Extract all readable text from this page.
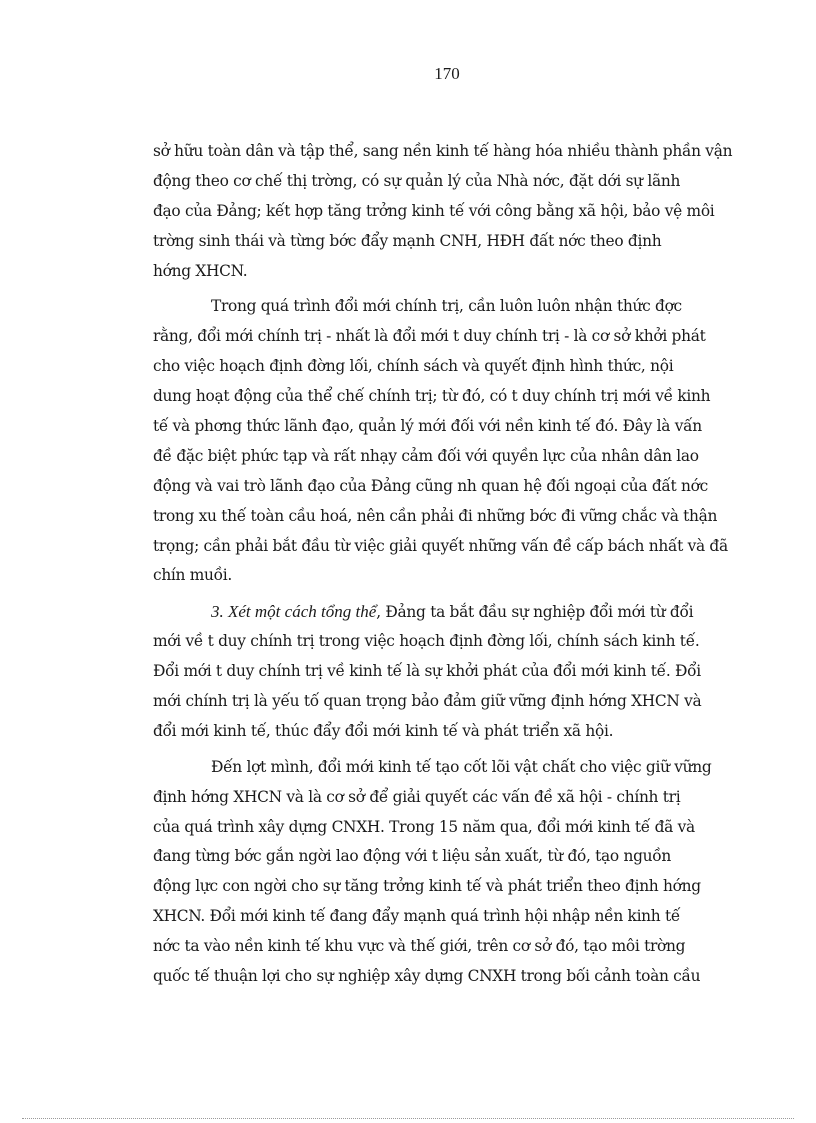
170

sở hữu toàn dân và tập thể, sang nền kinh tế hàng hóa nhiều thành phần vận
động theo cơ chế thị trờng, có sự quản lý của Nhà nớc, đặt dới sự lãnh
đạo của Đảng; kết hợp tăng trởng kinh tế với công bằng xã hội, bảo vệ môi
trờng sinh thái và từng bớc đẩy mạnh CNH, HĐH đất nớc theo định
hớng XHCN.

Trong quá trình đổi mới chính trị, cần luôn luôn nhận thức đợc
rằng, đổi mới chính trị - nhất là đổi mới t duy chính trị - là cơ sở khởi phát
cho việc hoạch định đờng lối, chính sách và quyết định hình thức, nội
dung hoạt động của thể chế chính trị; từ đó, có t duy chính trị mới về kinh
tế và phơng thức lãnh đạo, quản lý mới đối với nền kinh tế đó. Đây là vấn
đề đặc biệt phức tạp và rất nhạy cảm đối với quyền lực của nhân dân lao
động và vai trò lãnh đạo của Đảng cũng nh quan hệ đối ngoại của đất nớc
trong xu thế toàn cầu hoá, nên cần phải đi những bớc đi vững chắc và thận
trọng; cần phải bắt đầu từ việc giải quyết những vấn đề cấp bách nhất và đã
chín muồi.

3. Xét một cách tổng thể, Đảng ta bắt đầu sự nghiệp đổi mới từ đổi
mới về t duy chính trị trong việc hoạch định đờng lối, chính sách kinh tế.
Đổi mới t duy chính trị về kinh tế là sự khởi phát của đổi mới kinh tế. Đổi
mới chính trị là yếu tố quan trọng bảo đảm giữ vững định hớng XHCN và
đổi mới kinh tế, thúc đẩy đổi mới kinh tế và phát triển xã hội.

Đến lợt mình, đổi mới kinh tế tạo cốt lõi vật chất cho việc giữ vững
định hớng XHCN và là cơ sở để giải quyết các vấn đề xã hội - chính trị
của quá trình xây dựng CNXH. Trong 15 năm qua, đổi mới kinh tế đã và
đang từng bớc gắn ngời lao động với t liệu sản xuất, từ đó, tạo nguồn
động lực con ngời cho sự tăng trởng kinh tế và phát triển theo định hớng
XHCN. Đổi mới kinh tế đang đẩy mạnh quá trình hội nhập nền kinh tế
nớc ta vào nền kinh tế khu vực và thế giới, trên cơ sở đó, tạo môi trờng
quốc tế thuận lợi cho sự nghiệp xây dựng CNXH trong bối cảnh toàn cầu
